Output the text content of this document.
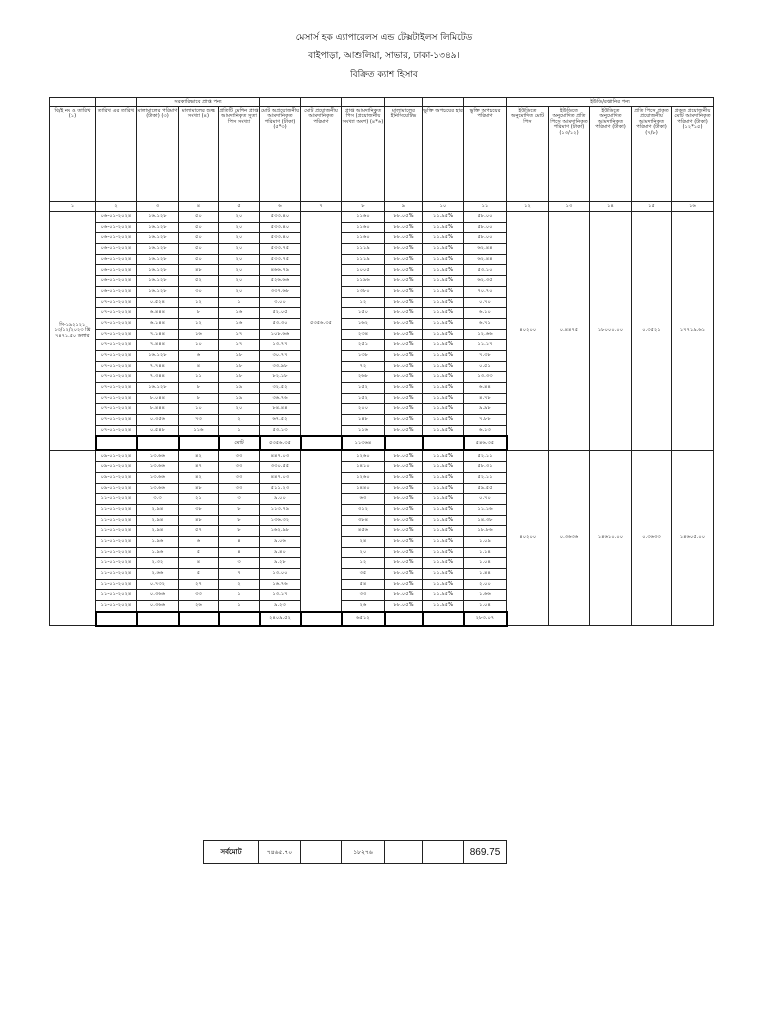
মেসার্স হক এ্যাপারেলস এন্ড টেক্সটাইলস লিমিটেড
বাইপাড়া, আশুলিয়া, সাভার, ঢাকা-১৩৪৯।
বিক্রিত ক্যাশ হিসাব
		সরকারিভাবে প্রাপ্ত পন্য									ইউডি/রপ্তানির পন্য				
বি/ই নং ও তারিখ (১)	তারিখ এর তারিখ	মালামালের পরিমাণ (টাকা) (৩)	মালামালের শুল্ক সংখ্যা (৪)	প্রতিটি মেশিন প্রাপ্ত আমদানিকৃত সুতা পিস সংখ্যা	মোট অপ্রয়োজনীয় আমদানিকৃত পরিমাণ (টাকা) (৫*৩)	মোট প্রয়োজনীয় আমদানিকৃত পরিমাণ	প্রাপ্ত আমদানিকৃত পিস (প্রয়োজনীয় সংখ্যা অংশ) (৪*৬)	মালামালের ইনিসিয়েটিভ	ভুক্তি অপচয়ের হার	ভুক্তি অপচয়ের পরিমাণ	ইউডিতে অনুমোদিত মোট পিস	ইউডিতে অনুমোদিত প্রতি পিসে আমদানিকৃত পরিমাণ (টাকা) (১৩/১২)	ইউডিতে অনুমোদিত আমদানিকৃত পরিমাণ (টাকা)	প্রতি পিসে প্রকৃত প্রয়োজনীয় আমদানিকৃত পরিমাণ (টাকা) (৭/৮)	প্রকৃত প্রয়োজনীয় মোট আমদানিকৃত পরিমাণ (টাকা) (১২*১৫)
১	২	৩	৪	৫	৬	৭	৮	৯	১০	১১	১২	১৩	১৪	১৫	১৬
সি-১৯২১২১ ১৩/১২/২০২৩ খ্রি ৭৪৭১.৫০ ডলার	০৬-০১-২০২৪	১৬.১২৮	৫০	২০	৫৩৩.৪০	৫৩৫৬.৩৫	১১৬০	৮৮.০৫%	১১.৯৫%	৫৮.০০	৪০২০০	০.৪৪৭৫	১৮০০০.০০	০.৩৫২১	১৭৭১৯.৬১
	০৬-০১-২০২৪	১৬.১২৮	৫০	২০	৫৩৩.৪০		১১৬০	৮৮.০৫%	১১.৯৫%	৫৮.০০					
	০৬-০১-২০২৪	১৬.১২৮	৫০	২০	৫৩৩.৪০		১১৬০	৮৮.০৫%	১১.৯৫%	৫৮.০০					
	০৬-০১-২০২৪	১৬.১২৮	৫০	২০	৫৩৩.৭৫		১১১৯	৮৮.০৫%	১১.৯৫%	৬২.৪৪					
	০৬-০১-২০২৪	১৬.১২৮	৫০	২০	৫৩৩.৭৫		১১১৯	৮৮.০৫%	১১.৯৫%	৬২.৪৪					
	০৬-০১-২০২৪	১৬.১২৮	৪৮	২০	৪৬৬.৭৯		১০০৫	৮৮.০৫%	১১.৯৫%	৫৩.১০					
	০৬-০১-২০২৪	১৬.১২৮	৫২	২০	৫২৬.৬৬		১১৯৬	৮৮.০৫%	১১.৯৫%	৬২.৩৫					
	০৬-০১-২০২৪	১৬.১২৮	৩০	২০	৩৩৭.৬৮		১৩৮০	৮৮.০৫%	১১.৯৫%	৭০.৭০					
	০৭-০১-২০২৪	০.৫২৪	১২	১	৩.০০		১২	৮৮.০৫%	১১.৯৫%	০.৭০					
	০৭-০১-২০২৪	৬.৪৪৪	৮	১৬	৫২.০৫		১৫০	৮৮.০৫%	১১.৯৫%	৬.১০					
	০৭-০১-২০২৪	৬.১৪৪	১২	১৬	৫৩.৩০		১৬২	৮৮.০৫%	১১.৯৫%	৬.৭১					
	০৭-০১-২০২৪	৭.১৪৪	১৬	১৭	১০৮.৬৬		২৩৪	৮৮.০৫%	১১.৯৫%	১২.৬৬					
	০৭-০১-২০২৪	৭.৪৪৪	১০	১৭	১৩.৭৭		২৫১	৮৮.০৫%	১১.৯৫%	১১.১৭					
	০৭-০১-২০২৪	১৬.১২৮	৬	১৮	৩০.৭৭		১৩৮	৮৮.০৫%	১১.৯৫%	৭.৩৮					
	০৭-০১-২০২৪	৭.৭৪৪	৪	১৮	৩৩.৯৮		৭২	৮৮.০৫%	১১.৯৫%	০.৫১					
	০৭-০১-২০২৪	৭.৩৪৪	১১	১৮	৮২.১৮		২৬৮	৮৮.০৫%	১১.৯৫%	১৩.৩৩					
	০৭-০১-২০২৪	১৬.১২৮	৮	১৯	৩২.৫২		১৫২	৮৮.০৫%	১১.৯৫%	৬.৪৪					
	০৭-০১-২০২৪	৮.০৪৪	৮	১৯	৩৬.৭৬		১৫২	৮৮.০৫%	১১.৯৫%	৪.৭৮					
	০৭-০১-২০২৪	৮.৪৪৪	১০	২০	৮৪.৪৪		২০০	৮৮.০৫%	১১.৯৫%	৯.৯৮					
	০৭-০১-২০২৪	০.৩৫৬	৭৩	২	৬৭.৫২		১৪৮	৮৮.০৫%	১১.৯৫%	৭.৮৮					
	০৭-০১-২০২৪	০.৫৪৮	১১৬	১	৫৩.১৩		১১৬	৮৮.০৫%	১১.৯৫%	৬.১৩					
				মোট	৫৩৫৬.৩৫		১১৩৬৪			৫৪৬.৩৫					
	০৯-০১-২০২৪	১৩.৬৬	৪২	৩৩	৪৪৭.০৩		১২৬০	৮৮.০৫%	১১.৯৫%	৫২.১১	৪০২০০	০.৩৬৩৬	১৪৬১০.০০	০.৩৬৩৩	১৪৬০৫.০০
	০৯-০১-২০২৪	১৩.৬৬	৪৭	৩৩	৩৩০.৫৫		১৪১০	৮৮.০৫%	১১.৯৫%	৫৮.৩১					
	০৯-০১-২০২৪	১৩.৬৬	৪২	৩৩	৪৪৭.০৩		১২৬০	৮৮.০৫%	১১.৯৫%	৫২.১১					
	০৯-০১-২০২৪	১৩.৬৬	৪৮	৩৩	৫১১.২৩		১৪৪০	৮৮.০৫%	১১.৯৫%	৫৯.৫৫					
	১১-০১-২০২৪	৩.৩	২১	৩	৯.০০		৬৩	৮৮.০৫%	১১.৯৫%	০.৭০					
	১১-০১-২০২৪	২.৯৪	৩৮	৮	১১৩.৭৯		৩১২	৮৮.০৫%	১১.৯৫%	১১.১৬					
	১১-০১-২০২৪	২.৯৪	৪৮	৮	১৩৬.৩২		৩৮৪	৮৮.০৫%	১১.৯৫%	১৪.৩৮					
	১১-০১-২০২৪	২.৯৪	৫৭	৮	১৬২.৯৮		৪৫৬	৮৮.০৫%	১১.৯৫%	১৮.৮৬					
	১১-০১-২০২৪	১.৯৬	৬	৪	৯.০৬		২৪	৮৮.০৫%	১১.৯৫%	১.০৯					
	১১-০১-২০২৪	১.৯৬	৫	৪	৯.৪০		২০	৮৮.০৫%	১১.৯৫%	১.১৪					
	১১-০১-২০২৪	২.৩২	৪	৩	৯.২৮		১২	৮৮.০৫%	১১.৯৫%	১.০৪					
	১১-০১-২০২৪	২.৬৬	৫	৭	১৩.০০		৩৫	৮৮.০৫%	১১.৯৫%	১.৪৪					
	১১-০১-২০২৪	০.৭৩২	২৭	২	১৬.৭৬		৫৪	৮৮.০৫%	১১.৯৫%	২.০০					
	১১-০১-২০২৪	০.৩৬৬	৩৩	১	১৩.১৭		৩৩	৮৮.০৫%	১১.৯৫%	১.৬৬					
	১১-০১-২০২৪	০.৩৬৬	২৬	১	৯.২৩		২৬	৮৮.০৫%	১১.৯৫%	১.০৪					
					২৪০৯.৫২		৬৫১২			২৮৩.০৭					
সর্বমোট	৭৪৬৫.৭০		১৮২৭৬			869.75
